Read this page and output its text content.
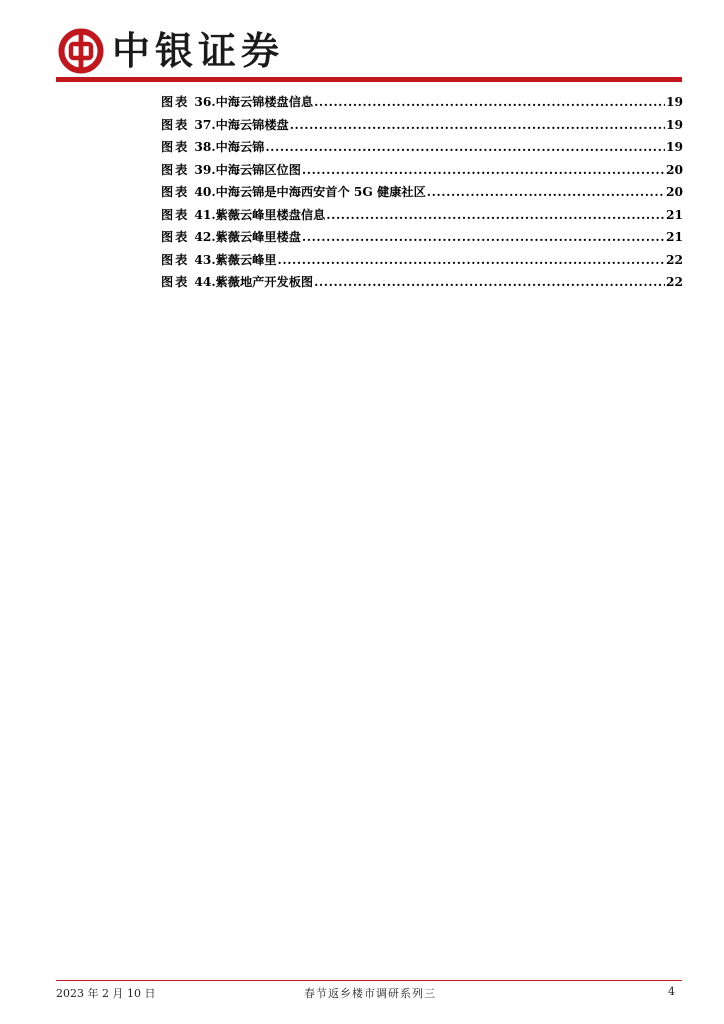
中银证券
图表 36.中海云锦楼盘信息 .....	19
图表 37.中海云锦楼盘 .....	19
图表 38.中海云锦 .....	19
图表 39.中海云锦区位图 .....	20
图表 40.中海云锦是中海西安首个 5G 健康社区 .....	20
图表 41.紫薇云峰里楼盘信息 .....	21
图表 42.紫薇云峰里楼盘 .....	21
图表 43.紫薇云峰里 .....	22
图表 44.紫薇地产开发板图 .....	22
2023 年 2 月 10 日	春节返乡楼市调研系列三	4
